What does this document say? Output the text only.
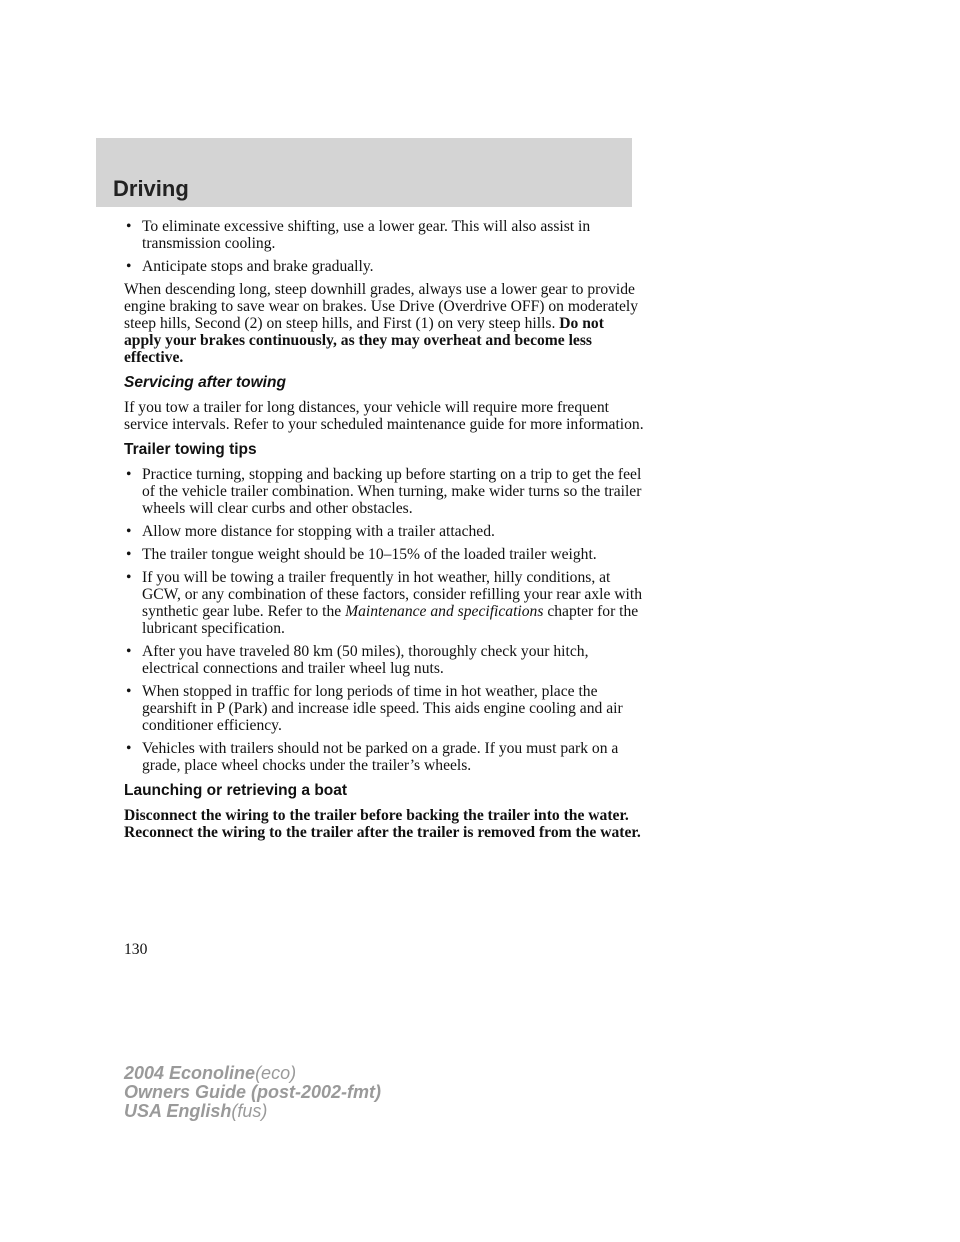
Driving
• To eliminate excessive shifting, use a lower gear. This will also assist in transmission cooling.
• Anticipate stops and brake gradually.
When descending long, steep downhill grades, always use a lower gear to provide engine braking to save wear on brakes. Use Drive (Overdrive OFF) on moderately steep hills, Second (2) on steep hills, and First (1) on very steep hills. Do not apply your brakes continuously, as they may overheat and become less effective.
Servicing after towing
If you tow a trailer for long distances, your vehicle will require more frequent service intervals. Refer to your scheduled maintenance guide for more information.
Trailer towing tips
• Practice turning, stopping and backing up before starting on a trip to get the feel of the vehicle trailer combination. When turning, make wider turns so the trailer wheels will clear curbs and other obstacles.
• Allow more distance for stopping with a trailer attached.
• The trailer tongue weight should be 10–15% of the loaded trailer weight.
• If you will be towing a trailer frequently in hot weather, hilly conditions, at GCW, or any combination of these factors, consider refilling your rear axle with synthetic gear lube. Refer to the Maintenance and specifications chapter for the lubricant specification.
• After you have traveled 80 km (50 miles), thoroughly check your hitch, electrical connections and trailer wheel lug nuts.
• When stopped in traffic for long periods of time in hot weather, place the gearshift in P (Park) and increase idle speed. This aids engine cooling and air conditioner efficiency.
• Vehicles with trailers should not be parked on a grade. If you must park on a grade, place wheel chocks under the trailer’s wheels.
Launching or retrieving a boat
Disconnect the wiring to the trailer before backing the trailer into the water. Reconnect the wiring to the trailer after the trailer is removed from the water.
130
2004 Econoline(eco)
Owners Guide (post-2002-fmt)
USA English(fus)
